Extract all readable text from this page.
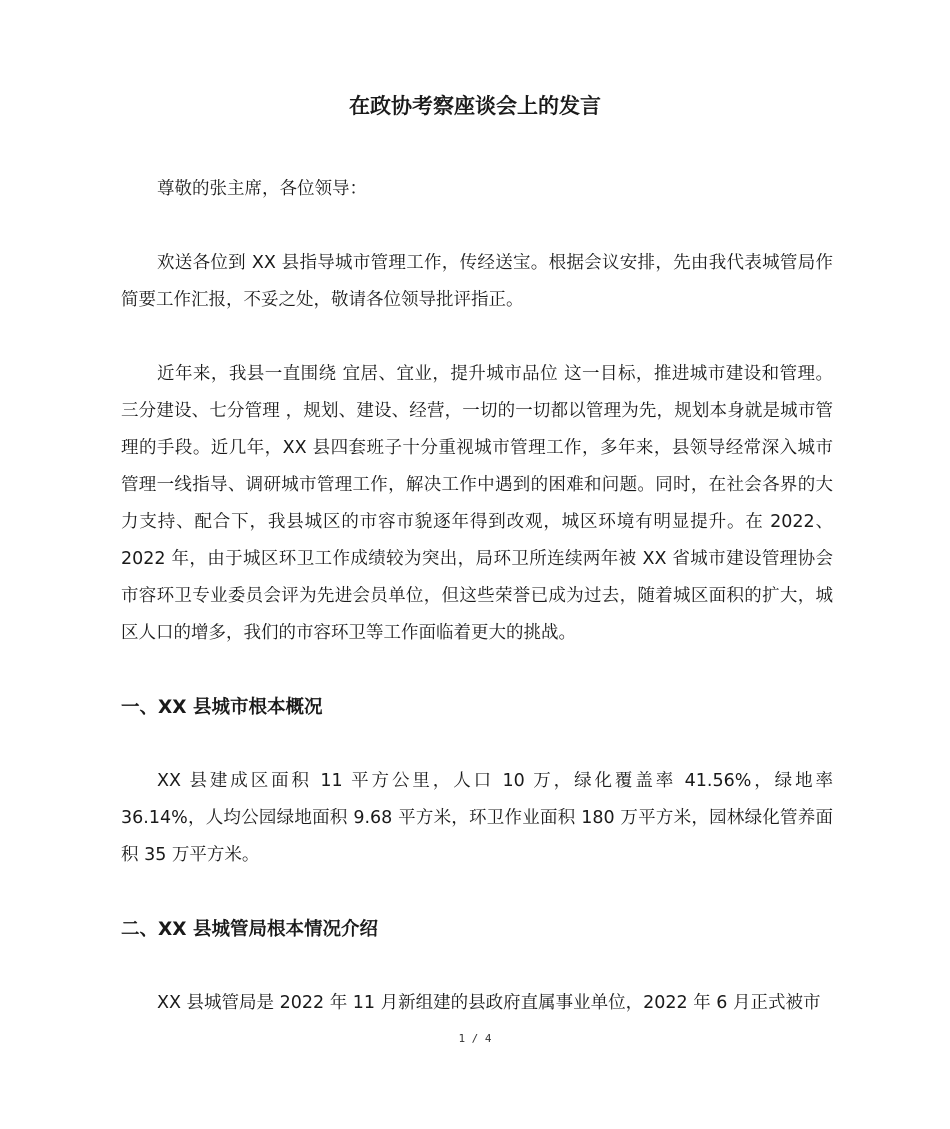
在政协考察座谈会上的发言

尊敬的张主席，各位领导：

欢送各位到 XX 县指导城市管理工作，传经送宝。根据会议安排，先由我代表城管局作简要工作汇报，不妥之处，敬请各位领导批评指正。

近年来，我县一直围绕 宜居、宜业，提升城市品位 这一目标，推进城市建设和管理。三分建设、七分管理 ，规划、建设、经营，一切的一切都以管理为先，规划本身就是城市管理的手段。近几年，XX 县四套班子十分重视城市管理工作，多年来，县领导经常深入城市管理一线指导、调研城市管理工作，解决工作中遇到的困难和问题。同时，在社会各界的大力支持、配合下，我县城区的市容市貌逐年得到改观，城区环境有明显提升。在 2022、2022 年，由于城区环卫工作成绩较为突出，局环卫所连续两年被 XX 省城市建设管理协会市容环卫专业委员会评为先进会员单位，但这些荣誉已成为过去，随着城区面积的扩大，城区人口的增多，我们的市容环卫等工作面临着更大的挑战。

一、XX 县城市根本概况

XX 县建成区面积 11 平方公里，人口 10 万，绿化覆盖率 41.56%，绿地率 36.14%，人均公园绿地面积 9.68 平方米，环卫作业面积 180 万平方米，园林绿化管养面积 35 万平方米。

二、XX 县城管局根本情况介绍

XX 县城管局是 2022 年 11 月新组建的县政府直属事业单位，2022 年 6 月正式被市

1 / 4
